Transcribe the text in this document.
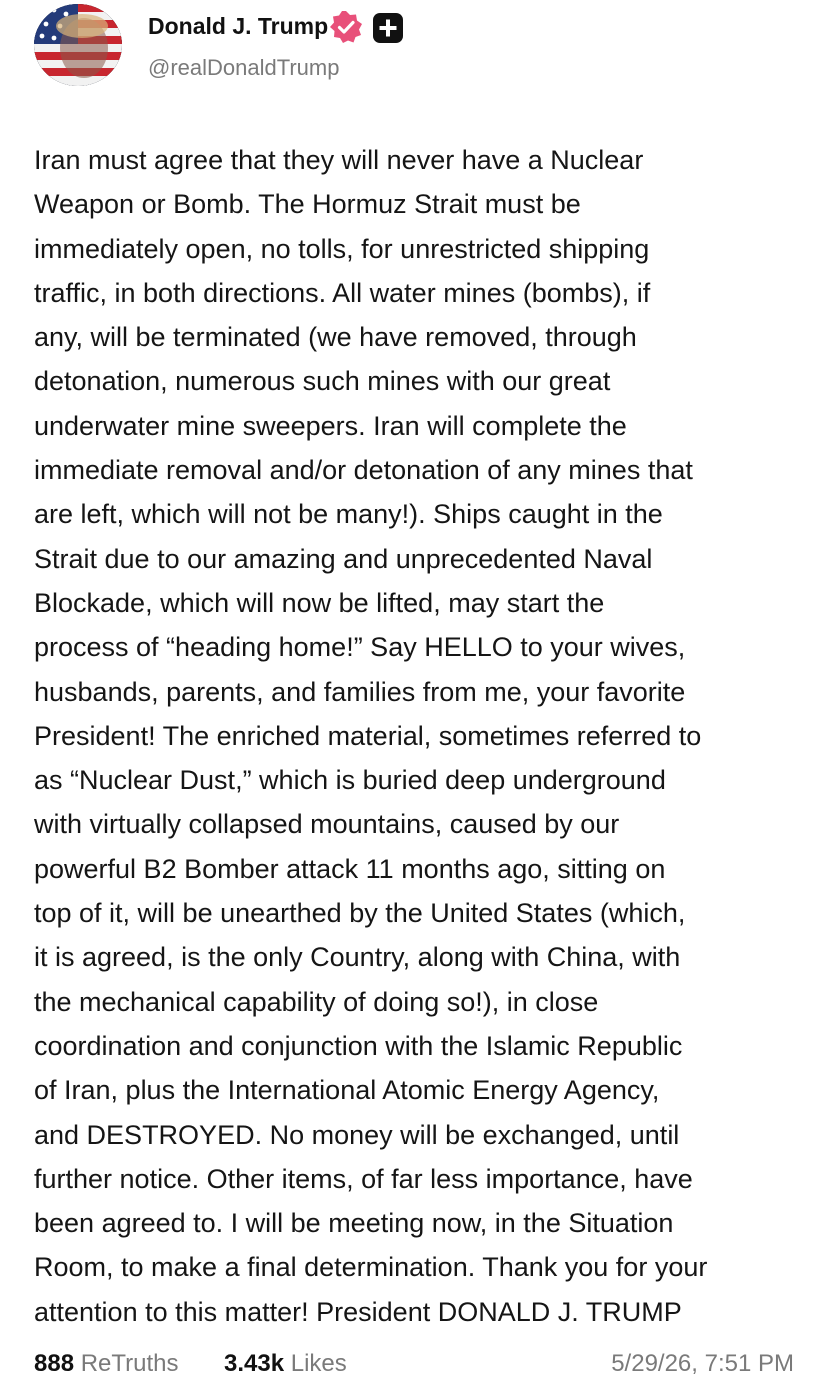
Donald J. Trump
@realDonaldTrump
Iran must agree that they will never have a Nuclear
Weapon or Bomb. The Hormuz Strait must be
immediately open, no tolls, for unrestricted shipping
traffic, in both directions. All water mines (bombs), if
any, will be terminated (we have removed, through
detonation, numerous such mines with our great
underwater mine sweepers. Iran will complete the
immediate removal and/or detonation of any mines that
are left, which will not be many!). Ships caught in the
Strait due to our amazing and unprecedented Naval
Blockade, which will now be lifted, may start the
process of “heading home!” Say HELLO to your wives,
husbands, parents, and families from me, your favorite
President! The enriched material, sometimes referred to
as “Nuclear Dust,” which is buried deep underground
with virtually collapsed mountains, caused by our
powerful B2 Bomber attack 11 months ago, sitting on
top of it, will be unearthed by the United States (which,
it is agreed, is the only Country, along with China, with
the mechanical capability of doing so!), in close
coordination and conjunction with the Islamic Republic
of Iran, plus the International Atomic Energy Agency,
and DESTROYED. No money will be exchanged, until
further notice. Other items, of far less importance, have
been agreed to. I will be meeting now, in the Situation
Room, to make a final determination. Thank you for your
attention to this matter! President DONALD J. TRUMP
888 ReTruths 3.43k Likes	5/29/26, 7:51 PM
